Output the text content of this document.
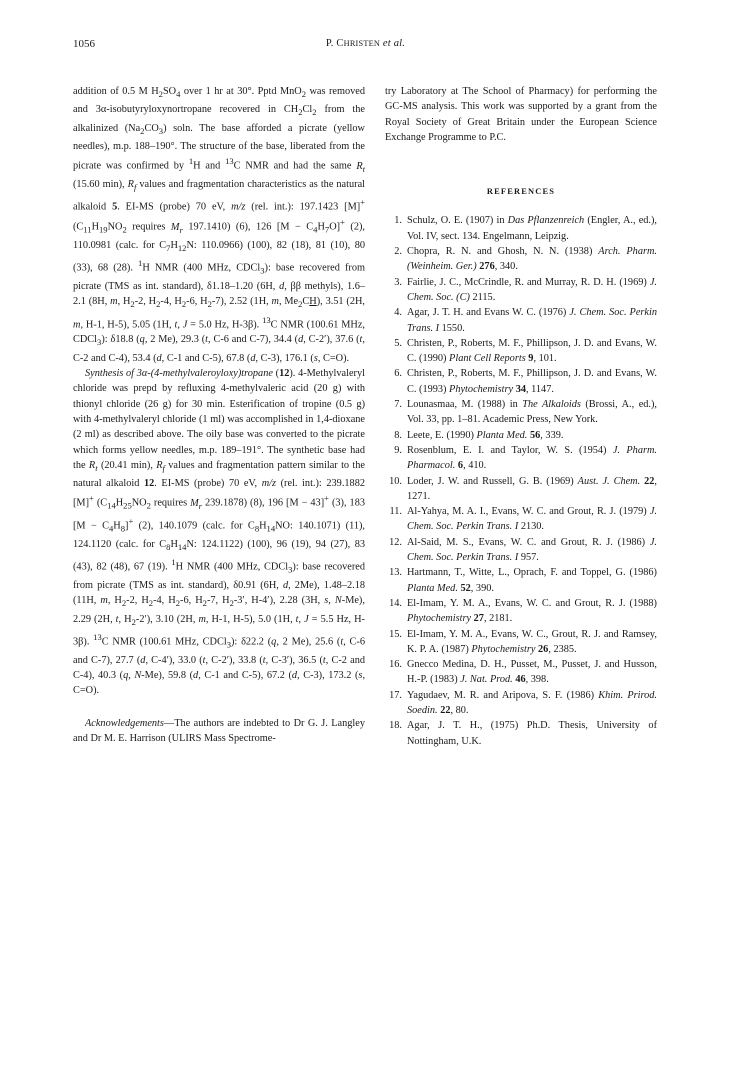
1056	P. CHRISTEN et al.

addition of 0.5 M $H_2SO_4$ over 1 hr at 30°. Pptd MnO$_2$ was removed and 3α-isobutyryloxynortropane recovered in $CH_2Cl_2$ from the alkalinized $(Na_2CO_3)$ soln. The base afforded a picrate (yellow needles), m.p. 188–190°. The structure of the base, liberated from the picrate was confirmed by $^1$H and $^{13}$C NMR and had the same $R_t$ (15.60 min), $R_f$ values and fragmentation characteristics as the natural alkaloid 5. EI-MS (probe) 70 eV, m/z (rel. int.): 197.1423 [M]+ ($C_{11}H_{19}NO_2$ requires $M_r$ 197.1410) (6), 126 $[M - C_4H_7O]^+$ (2), 110.0981 (calc. for $C_7H_{12}N$: 110.0966) (100), 82 (18), 81 (10), 80 (33), 68 (28). $^1$H NMR (400 MHz, CDCl$_3$): base recovered from picrate (TMS as int. standard), δ1.18–1.20 (6H, d, ββ methyls), 1.6–2.1 (8H, m, $H_2-2$, $H_2-4$, $H_2-6$, $H_2-7$), 2.52 (1H, m, $Me_2CH$), 3.51 (2H, m, H-1, H-5), 5.05 (1H, t, J = 5.0 Hz, H-3β). $^{13}$C NMR (100.61 MHz, CDCl$_3$): δ18.8 (q, 2 Me), 29.3 (t, C-6 and C-7), 34.4 (d, C-2′), 37.6 (t, C-2 and C-4), 53.4 (d, C-1 and C-5), 67.8 (d, C-3), 176.1 (s, C=O).

Synthesis of 3α-(4-methylvaleroyloxy)tropane (12). 4-Methylvaleryl chloride was prepd by refluxing 4-methylvaleric acid (20 g) with thionyl chloride (26 g) for 30 min. Esterification of tropine (0.5 g) with 4-methylvaleryl chloride (1 ml) was accomplished in 1,4-dioxane (2 ml) as described above. The oily base was converted to the picrate which forms yellow needles, m.p. 189–191°. The synthetic base had the $R_t$ (20.41 min), $R_f$ values and fragmentation pattern similar to the natural alkaloid 12. EI-MS (probe) 70 eV, m/z (rel. int.): 239.1882 [M]+ ($C_{14}H_{25}NO_2$ requires $M_r$ 239.1878) (8), 196 [M − 43]+ (3), 183 $[M - C_4H_8]^+$ (2), 140.1079 (calc. for $C_8H_{14}NO$: 140.1071) (11), 124.1120 (calc. for $C_8H_{14}N$: 124.1122) (100), 96 (19), 94 (27), 83 (43), 82 (48), 67 (19). $^1$H NMR (400 MHz, CDCl$_3$): base recovered from picrate (TMS as int. standard), δ0.91 (6H, d, 2Me), 1.48–2.18 (11H, m, $H_2-2$, $H_2-4$, $H_2-6$, $H_2-7$, $H_2-3'$, H-4′), 2.28 (3H, s, N-Me), 2.29 (2H, t, $H_2-2'$), 3.10 (2H, m, H-1, H-5), 5.0 (1H, t, J = 5.5 Hz, H-3β). $^{13}$C NMR (100.61 MHz, CDCl$_3$): δ22.2 (q, 2 Me), 25.6 (t, C-6 and C-7), 27.7 (d, C-4′), 33.0 (t, C-2′), 33.8 (t, C-3′), 36.5 (t, C-2 and C-4), 40.3 (q, N-Me), 59.8 (d, C-1 and C-5), 67.2 (d, C-3), 173.2 (s, C=O).

Acknowledgements—The authors are indebted to Dr G. J. Langley and Dr M. E. Harrison (ULIRS Mass Spectrome-

try Laboratory at The School of Pharmacy) for performing the GC-MS analysis. This work was supported by a grant from the Royal Society of Great Britain under the European Science Exchange Programme to P.C.

REFERENCES
1. Schulz, O. E. (1907) in Das Pflanzenreich (Engler, A., ed.), Vol. IV, sect. 134. Engelmann, Leipzig.
2. Chopra, R. N. and Ghosh, N. N. (1938) Arch. Pharm. (Weinheim. Ger.) 276, 340.
3. Fairlie, J. C., McCrindle, R. and Murray, R. D. H. (1969) J. Chem. Soc. (C) 2115.
4. Agar, J. T. H. and Evans W. C. (1976) J. Chem. Soc. Perkin Trans. I 1550.
5. Christen, P., Roberts, M. F., Phillipson, J. D. and Evans, W. C. (1990) Plant Cell Reports 9, 101.
6. Christen, P., Roberts, M. F., Phillipson, J. D. and Evans, W. C. (1993) Phytochemistry 34, 1147.
7. Lounasmaa, M. (1988) in The Alkaloids (Brossi, A., ed.), Vol. 33, pp. 1–81. Academic Press, New York.
8. Leete, E. (1990) Planta Med. 56, 339.
9. Rosenblum, E. I. and Taylor, W. S. (1954) J. Pharm. Pharmacol. 6, 410.
10. Loder, J. W. and Russell, G. B. (1969) Aust. J. Chem. 22, 1271.
11. Al-Yahya, M. A. I., Evans, W. C. and Grout, R. J. (1979) J. Chem. Soc. Perkin Trans. I 2130.
12. Al-Said, M. S., Evans, W. C. and Grout, R. J. (1986) J. Chem. Soc. Perkin Trans. I 957.
13. Hartmann, T., Witte, L., Oprach, F. and Toppel, G. (1986) Planta Med. 52, 390.
14. El-Imam, Y. M. A., Evans, W. C. and Grout, R. J. (1988) Phytochemistry 27, 2181.
15. El-Imam, Y. M. A., Evans, W. C., Grout, R. J. and Ramsey, K. P. A. (1987) Phytochemistry 26, 2385.
16. Gnecco Medina, D. H., Pusset, M., Pusset, J. and Husson, H.-P. (1983) J. Nat. Prod. 46, 398.
17. Yagudaev, M. R. and Aripova, S. F. (1986) Khim. Prirod. Soedin. 22, 80.
18. Agar, J. T. H., (1975) Ph.D. Thesis, University of Nottingham, U.K.
